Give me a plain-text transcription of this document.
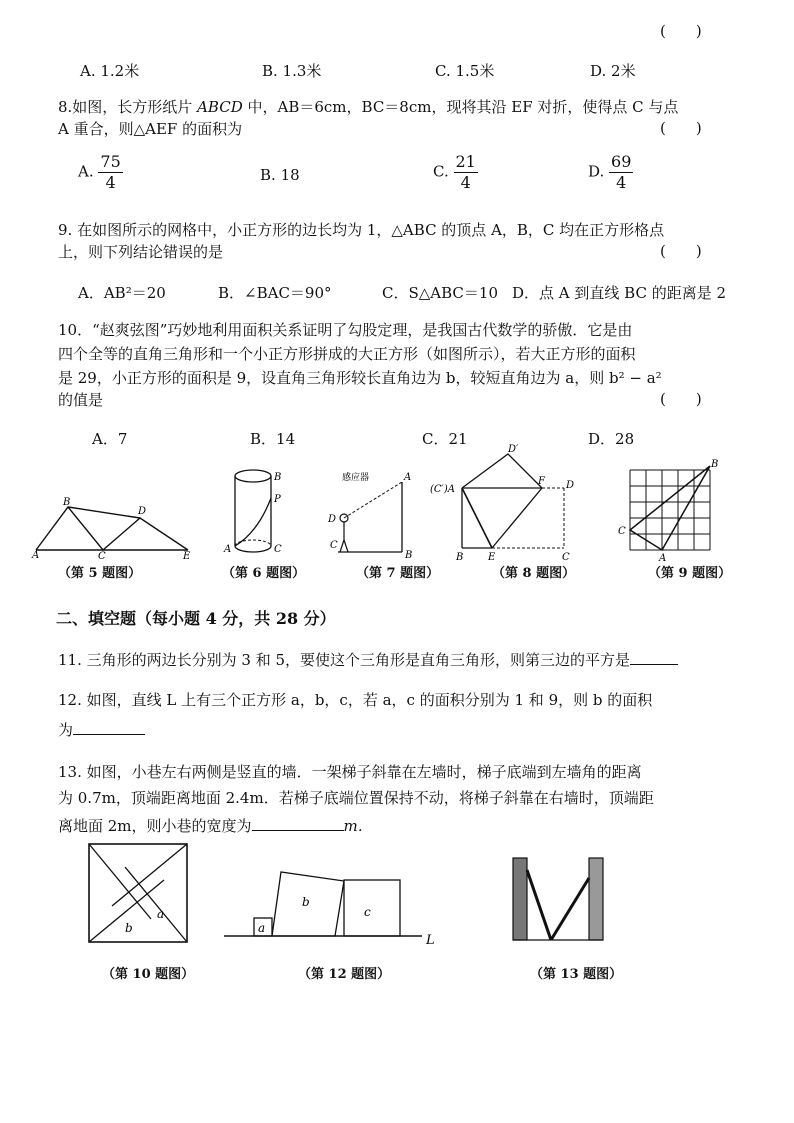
(　　)
A. 1.2米	B. 1.3米	C. 1.5米	D. 2米
8.如图，长方形纸片 ABCD 中，AB＝6cm，BC＝8cm，现将其沿 EF 对折，使得点 C 与点
A 重合，则△AEF 的面积为	(　　)
A. $\frac{75}{4}$	B. 18	C. $\frac{21}{4}$	D. $\frac{69}{4}$
9. 在如图所示的网格中，小正方形的边长均为 1，△ABC 的顶点 A，B，C 均在正方形格点
上，则下列结论错误的是	(　　)
A．AB²＝20	B．∠BAC＝90°	C．S△ABC＝10 D．点 A 到直线 BC 的距离是 2
10．“赵爽弦图”巧妙地利用面积关系证明了勾股定理，是我国古代数学的骄傲．它是由
四个全等的直角三角形和一个小正方形拼成的大正方形（如图所示），若大正方形的面积
是 29，小正方形的面积是 9，设直角三角形较长直角边为 b，较短直角边为 a，则 b² − a²
的值是	(　　)
A．7	B．14	C．21	D．28
A
B
C
D
E
B
P
A	C
感应器	A
D
C
B
D′
(C′)A
F D
B E	C
B
C
A
（第 5 题图）	（第 6 题图）	（第 7 题图）	（第 8 题图）	（第 9 题图）
二、填空题（每小题 4 分，共 28 分）
11. 三角形的两边长分别为 3 和 5，要使这个三角形是直角三角形，则第三边的平方是
12. 如图，直线 L 上有三个正方形 a，b，c，若 a，c 的面积分别为 1 和 9，则 b 的面积
为
13. 如图，小巷左右两侧是竖直的墙．一架梯子斜靠在左墙时，梯子底端到左墙角的距离
为 0.7m，顶端距离地面 2.4m．若梯子底端位置保持不动，将梯子斜靠在右墙时，顶端距
离地面 2m，则小巷的宽度为	m．
b
a
a
b
c
L
（第 10 题图）	（第 12 题图）	（第 13 题图）
